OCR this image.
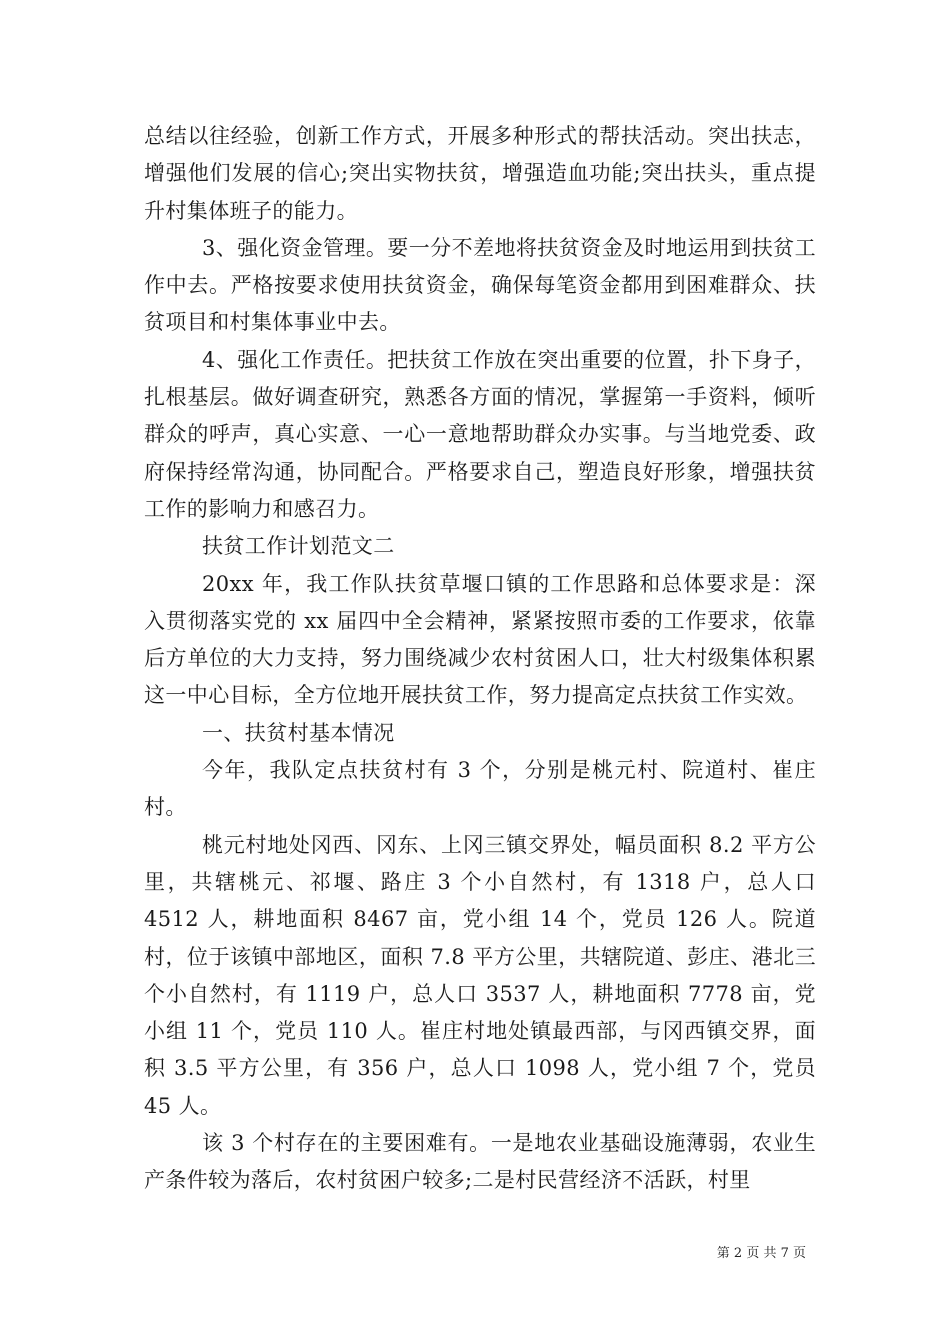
总结以往经验，创新工作方式，开展多种形式的帮扶活动。突出扶志，增强他们发展的信心;突出实物扶贫，增强造血功能;突出扶头，重点提升村集体班子的能力。

3、强化资金管理。要一分不差地将扶贫资金及时地运用到扶贫工作中去。严格按要求使用扶贫资金，确保每笔资金都用到困难群众、扶贫项目和村集体事业中去。

4、强化工作责任。把扶贫工作放在突出重要的位置，扑下身子，扎根基层。做好调查研究，熟悉各方面的情况，掌握第一手资料，倾听群众的呼声，真心实意、一心一意地帮助群众办实事。与当地党委、政府保持经常沟通，协同配合。严格要求自己，塑造良好形象，增强扶贫工作的影响力和感召力。

扶贫工作计划范文二

20xx 年，我工作队扶贫草堰口镇的工作思路和总体要求是：深入贯彻落实党的 xx 届四中全会精神，紧紧按照市委的工作要求，依靠后方单位的大力支持，努力围绕减少农村贫困人口，壮大村级集体积累这一中心目标，全方位地开展扶贫工作，努力提高定点扶贫工作实效。

一、扶贫村基本情况

今年，我队定点扶贫村有 3 个，分别是桃元村、院道村、崔庄村。

桃元村地处冈西、冈东、上冈三镇交界处，幅员面积 8.2 平方公里，共辖桃元、祁堰、路庄 3 个小自然村，有 1318 户，总人口 4512 人，耕地面积 8467 亩，党小组 14 个，党员 126 人。院道村，位于该镇中部地区，面积 7.8 平方公里，共辖院道、彭庄、港北三个小自然村，有 1119 户，总人口 3537 人，耕地面积 7778 亩，党小组 11 个，党员 110 人。崔庄村地处镇最西部，与冈西镇交界，面积 3.5 平方公里，有 356 户，总人口 1098 人，党小组 7 个，党员 45 人。

该 3 个村存在的主要困难有。一是地农业基础设施薄弱，农业生产条件较为落后，农村贫困户较多;二是村民营经济不活跃，村里

第 2 页 共 7 页
